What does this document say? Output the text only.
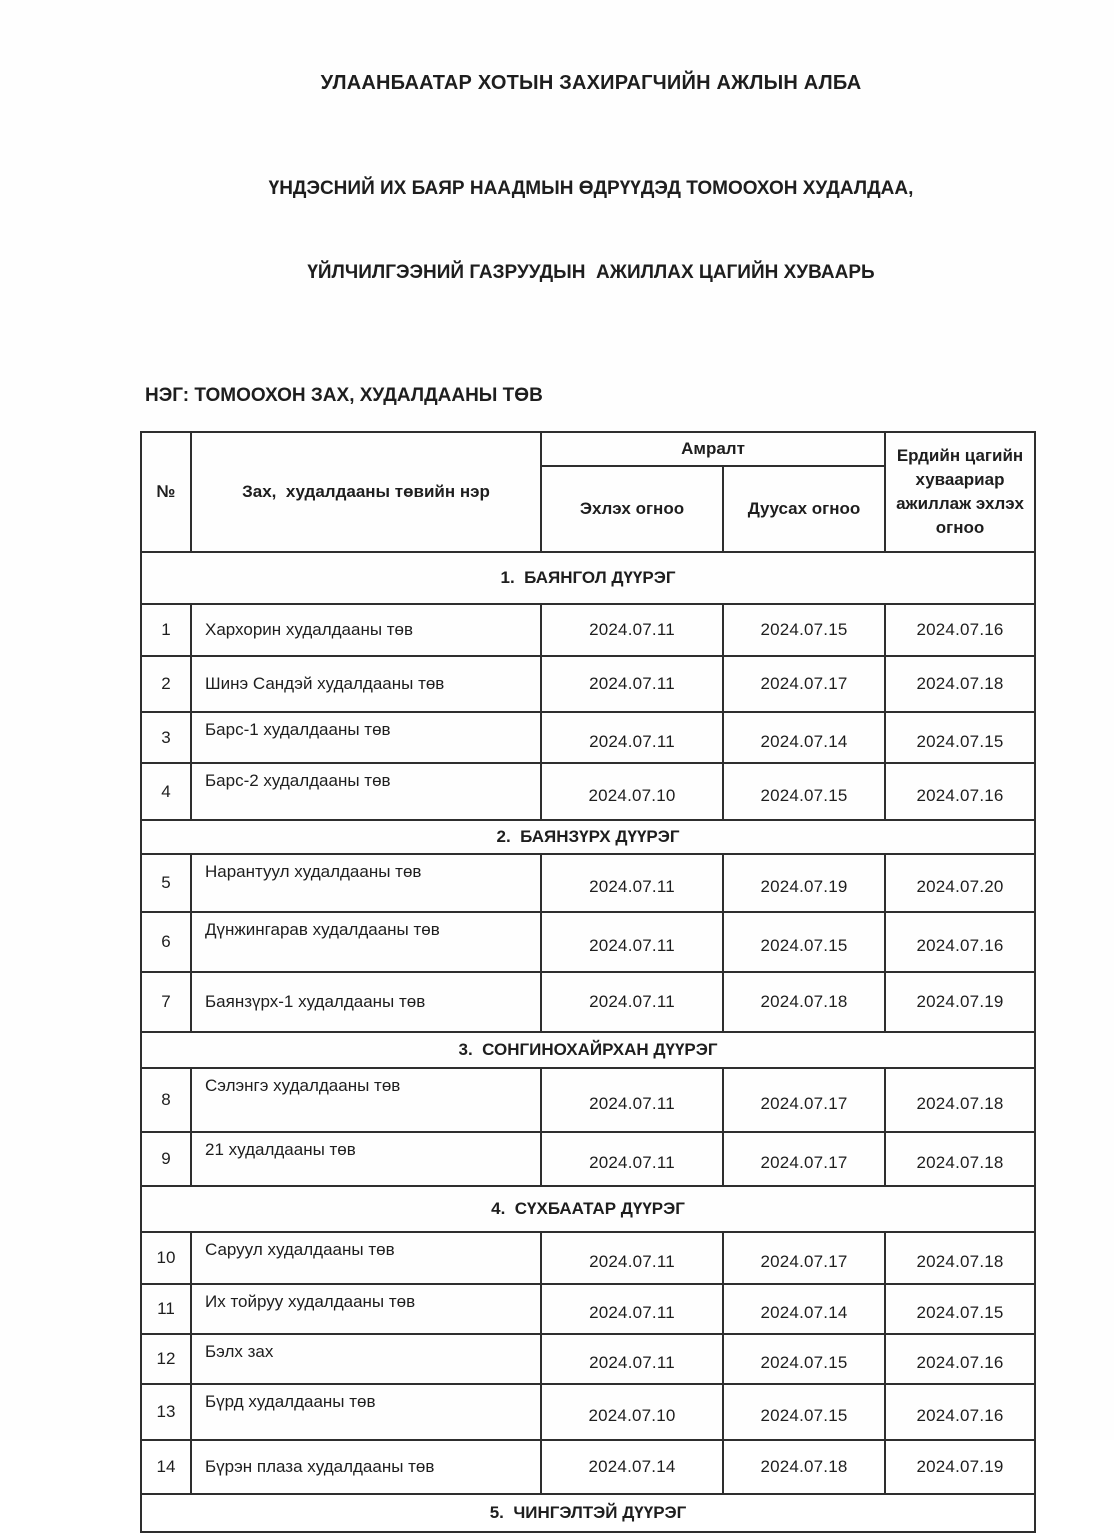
УЛААНБААТАР ХОТЫН ЗАХИРАГЧИЙН АЖЛЫН АЛБА

ҮНДЭСНИЙ ИХ БАЯР НААДМЫН ӨДРҮҮДЭД ТОМООХОН ХУДАЛДАА,

ҮЙЛЧИЛГЭЭНИЙ ГАЗРУУДЫН  АЖИЛЛАХ ЦАГИЙН ХУВААРЬ

НЭГ: ТОМООХОН ЗАХ, ХУДАЛДААНЫ ТӨВ
№	Зах,  худалдааны төвийн нэр	Амралт		Ердийн цагийн хуваариар ажиллаж эхлэх огноо
		Эхлэх огноо	Дуусах огноо	
1.  БАЯНГОЛ ДҮҮРЭГ				
1	Хархорин худалдааны төв	2024.07.11	2024.07.15	2024.07.16
2	Шинэ Сандэй худалдааны төв	2024.07.11	2024.07.17	2024.07.18
3	Барс-1 худалдааны төв	2024.07.11	2024.07.14	2024.07.15
4	Барс-2 худалдааны төв	2024.07.10	2024.07.15	2024.07.16
2.  БАЯНЗҮРХ ДҮҮРЭГ				
5	Нарантуул худалдааны төв	2024.07.11	2024.07.19	2024.07.20
6	Дүнжингарав худалдааны төв	2024.07.11	2024.07.15	2024.07.16
7	Баянзүрх-1 худалдааны төв	2024.07.11	2024.07.18	2024.07.19
3.  СОНГИНОХАЙРХАН ДҮҮРЭГ				
8	Сэлэнгэ худалдааны төв	2024.07.11	2024.07.17	2024.07.18
9	21 худалдааны төв	2024.07.11	2024.07.17	2024.07.18
4.  СҮХБААТАР ДҮҮРЭГ				
10	Саруул худалдааны төв	2024.07.11	2024.07.17	2024.07.18
11	Их тойруу худалдааны төв	2024.07.11	2024.07.14	2024.07.15
12	Бэлх зах	2024.07.11	2024.07.15	2024.07.16
13	Бүрд худалдааны төв	2024.07.10	2024.07.15	2024.07.16
14	Бүрэн плаза худалдааны төв	2024.07.14	2024.07.18	2024.07.19
5.  ЧИНГЭЛТЭЙ ДҮҮРЭГ				
